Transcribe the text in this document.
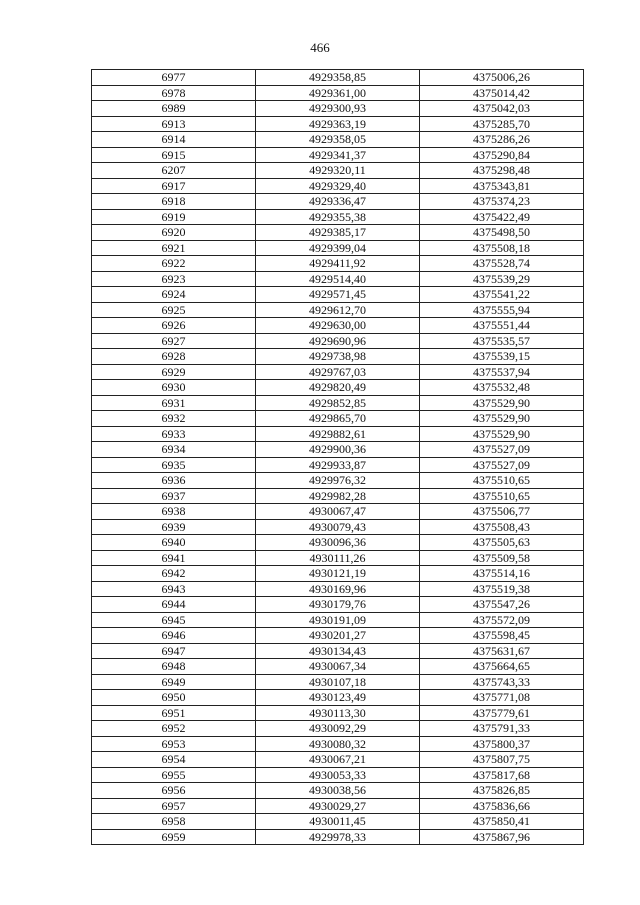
466
6977	4929358,85	4375006,26
6978	4929361,00	4375014,42
6989	4929300,93	4375042,03
6913	4929363,19	4375285,70
6914	4929358,05	4375286,26
6915	4929341,37	4375290,84
6207	4929320,11	4375298,48
6917	4929329,40	4375343,81
6918	4929336,47	4375374,23
6919	4929355,38	4375422,49
6920	4929385,17	4375498,50
6921	4929399,04	4375508,18
6922	4929411,92	4375528,74
6923	4929514,40	4375539,29
6924	4929571,45	4375541,22
6925	4929612,70	4375555,94
6926	4929630,00	4375551,44
6927	4929690,96	4375535,57
6928	4929738,98	4375539,15
6929	4929767,03	4375537,94
6930	4929820,49	4375532,48
6931	4929852,85	4375529,90
6932	4929865,70	4375529,90
6933	4929882,61	4375529,90
6934	4929900,36	4375527,09
6935	4929933,87	4375527,09
6936	4929976,32	4375510,65
6937	4929982,28	4375510,65
6938	4930067,47	4375506,77
6939	4930079,43	4375508,43
6940	4930096,36	4375505,63
6941	4930111,26	4375509,58
6942	4930121,19	4375514,16
6943	4930169,96	4375519,38
6944	4930179,76	4375547,26
6945	4930191,09	4375572,09
6946	4930201,27	4375598,45
6947	4930134,43	4375631,67
6948	4930067,34	4375664,65
6949	4930107,18	4375743,33
6950	4930123,49	4375771,08
6951	4930113,30	4375779,61
6952	4930092,29	4375791,33
6953	4930080,32	4375800,37
6954	4930067,21	4375807,75
6955	4930053,33	4375817,68
6956	4930038,56	4375826,85
6957	4930029,27	4375836,66
6958	4930011,45	4375850,41
6959	4929978,33	4375867,96
